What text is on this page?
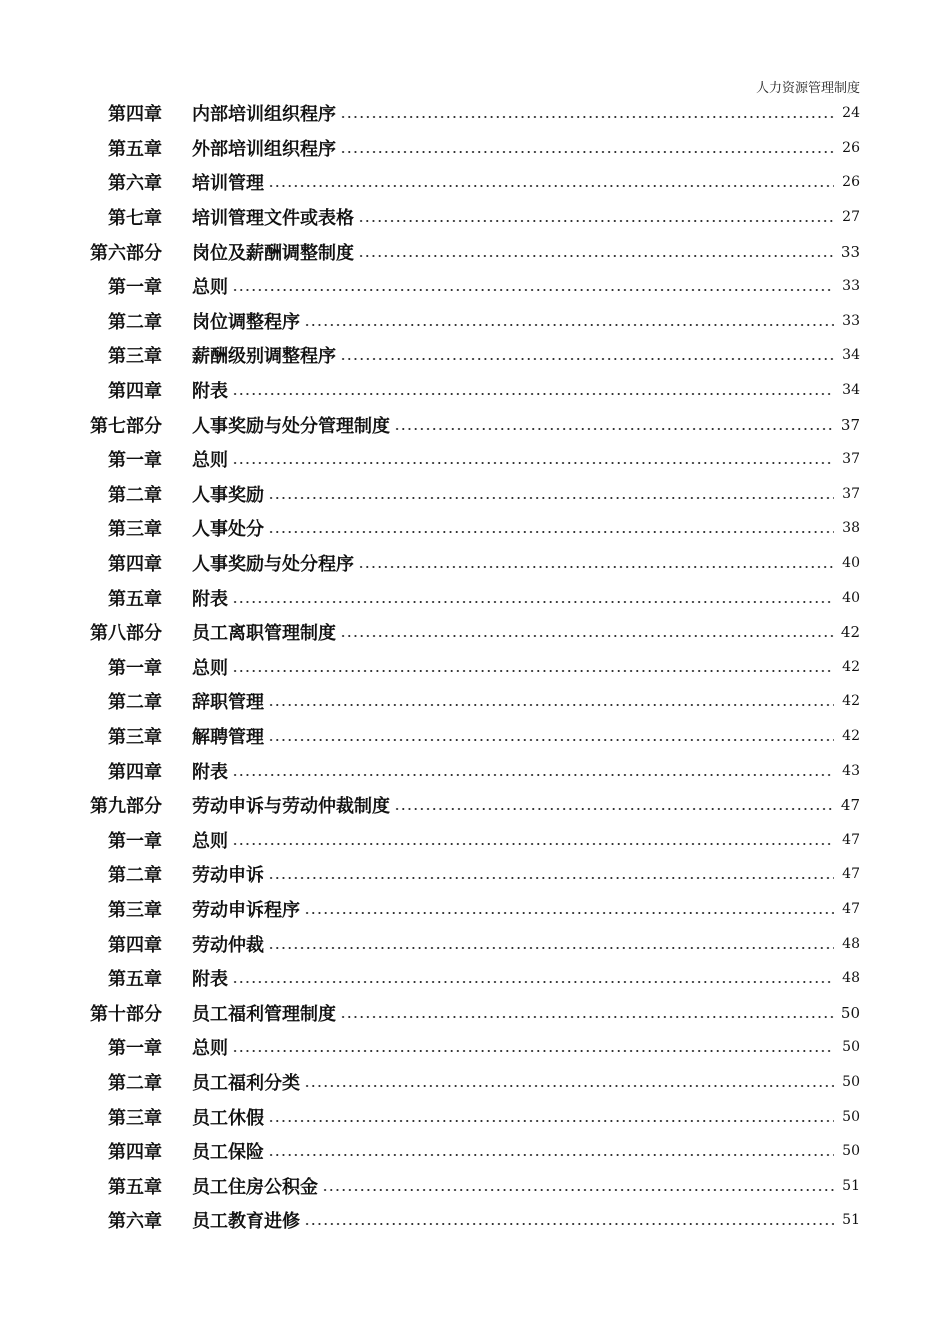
人力资源管理制度
第四章	内部培训组织程序	24
第五章	外部培训组织程序	26
第六章	培训管理	26
第七章	培训管理文件或表格	27
第六部分	岗位及薪酬调整制度	33
第一章	总则	33
第二章	岗位调整程序	33
第三章	薪酬级别调整程序	34
第四章	附表	34
第七部分	人事奖励与处分管理制度	37
第一章	总则	37
第二章	人事奖励	37
第三章	人事处分	38
第四章	人事奖励与处分程序	40
第五章	附表	40
第八部分	员工离职管理制度	42
第一章	总则	42
第二章	辞职管理	42
第三章	解聘管理	42
第四章	附表	43
第九部分	劳动申诉与劳动仲裁制度	47
第一章	总则	47
第二章	劳动申诉	47
第三章	劳动申诉程序	47
第四章	劳动仲裁	48
第五章	附表	48
第十部分	员工福利管理制度	50
第一章	总则	50
第二章	员工福利分类	50
第三章	员工休假	50
第四章	员工保险	50
第五章	员工住房公积金	51
第六章	员工教育进修	51
